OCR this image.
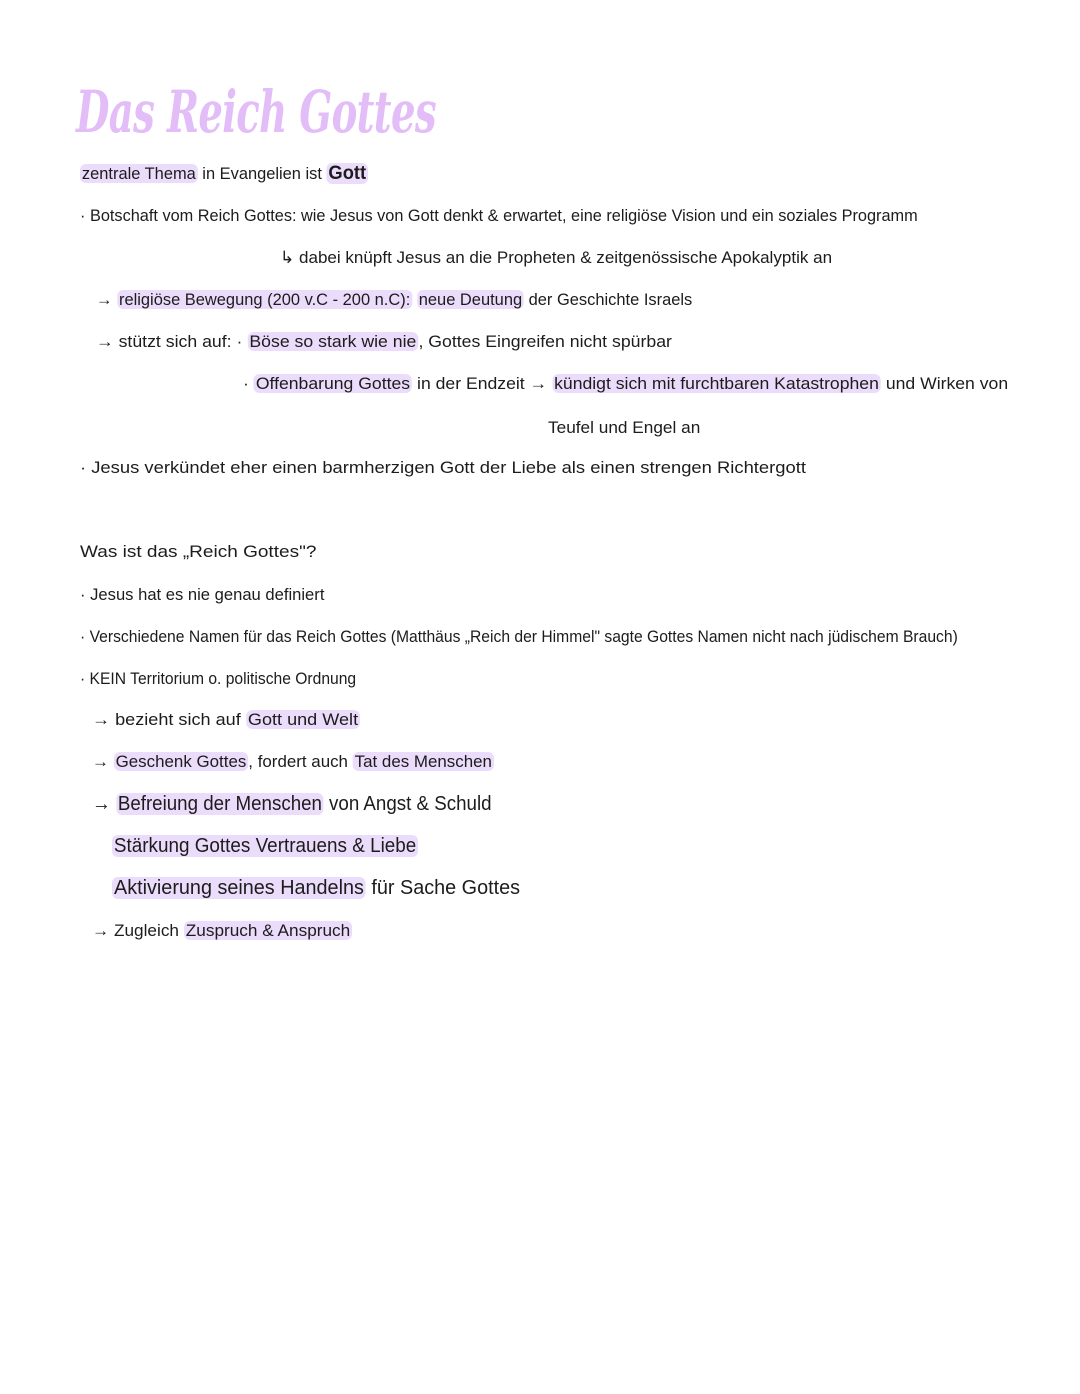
Das Reich Gottes
zentrale Thema in Evangelien ist Gott
· Botschaft vom Reich Gottes: wie Jesus von Gott denkt & erwartet, eine religiöse Vision und ein soziales Programm
↳ dabei knüpft Jesus an die Propheten & zeitgenössische Apokalyptik an
→ religiöse Bewegung (200 v.C - 200 n.C): neue Deutung der Geschichte Israels
→ stützt sich auf: · Böse so stark wie nie , Gottes Eingreifen nicht spürbar
· Offenbarung Gottes in der Endzeit → kündigt sich mit furchtbaren Katastrophen und Wirken von
Teufel und Engel an
· Jesus verkündet eher einen barmherzigen Gott der Liebe als einen strengen Richtergott
Was ist das „Reich Gottes"?
· Jesus hat es nie genau definiert
· Verschiedene Namen für das Reich Gottes (Matthäus „Reich der Himmel" sagte Gottes Namen nicht nach jüdischem Brauch)
· KEIN Territorium o. politische Ordnung
→ bezieht sich auf Gott und Welt
→ Geschenk Gottes , fordert auch Tat des Menschen
→ Befreiung der Menschen von Angst & Schuld
Stärkung Gottes Vertrauens & Liebe
Aktivierung seines Handelns für Sache Gottes
→ Zugleich Zuspruch & Anspruch
